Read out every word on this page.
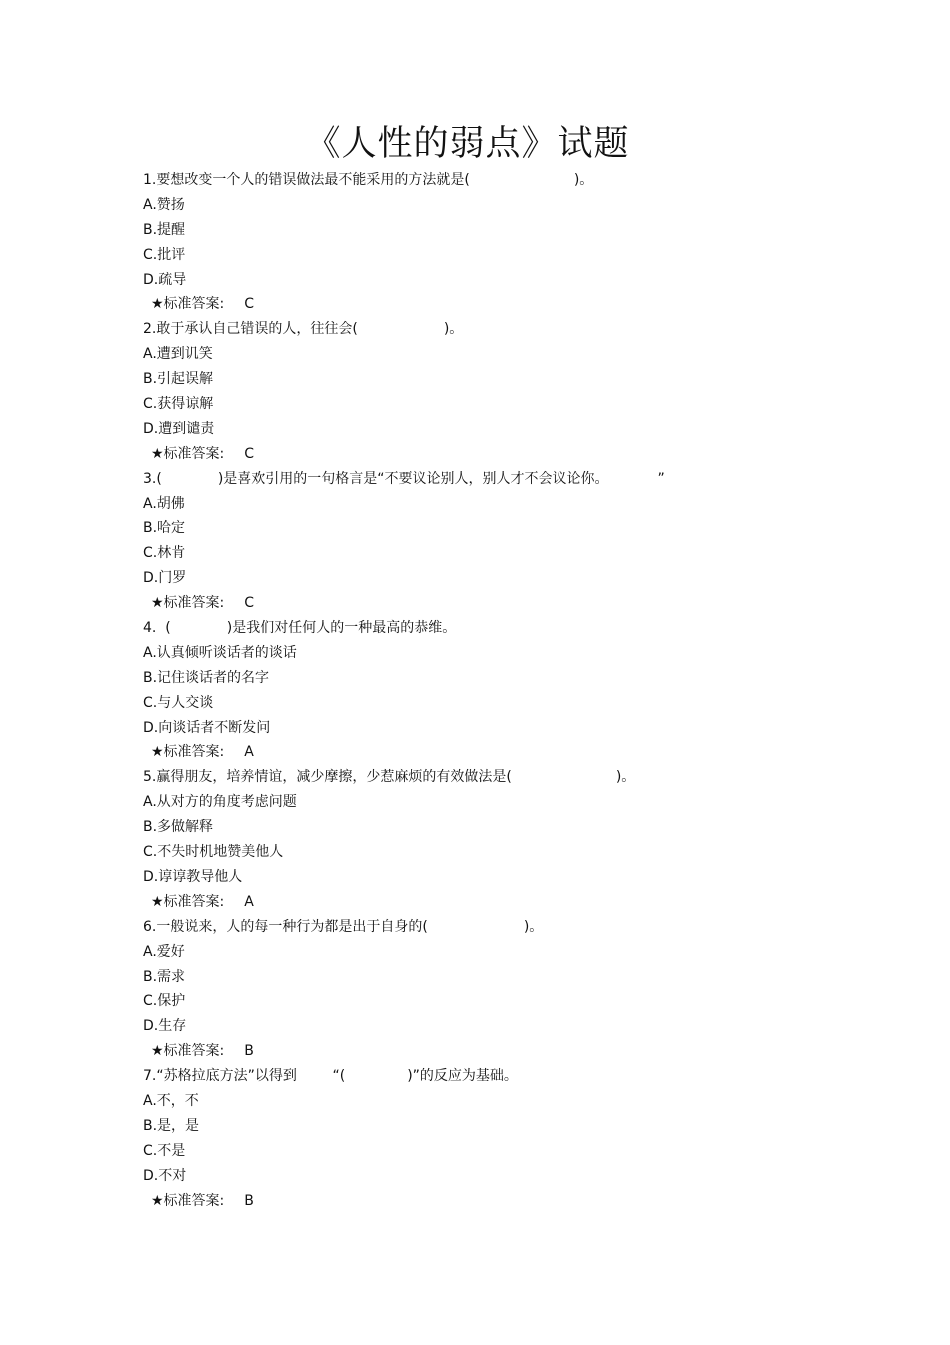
《人性的弱点》试题
1.要想改变一个人的错误做法最不能采用的方法就是(	)。
A.赞扬
B.提醒
C.批评
D.疏导
★标准答案: C
2.敢于承认自己错误的人，往往会(	)。
A.遭到讥笑
B.引起误解
C.获得谅解
D.遭到谴责
★标准答案: C
3.(	)是喜欢引用的一句格言是“不要议论别人，别人才不会议论你。           ”
A.胡佛
B.哈定
C.林肯
D.门罗
★标准答案: C
4.  (	)是我们对任何人的一种最高的恭维。
A.认真倾听谈话者的谈话
B.记住谈话者的名字
C.与人交谈
D.向谈话者不断发问
★标准答案: A
5.赢得朋友，培养情谊，减少摩擦，少惹麻烦的有效做法是(	)。
A.从对方的角度考虑问题
B.多做解释
C.不失时机地赞美他人
D.谆谆教导他人
★标准答案: A
6.一般说来，人的每一种行为都是出于自身的(	)。
A.爱好
B.需求
C.保护
D.生存
★标准答案: B
7.“苏格拉底方法”以得到        “(	)”的反应为基础。
A.不，不
B.是，是
C.不是
D.不对
★标准答案: B
